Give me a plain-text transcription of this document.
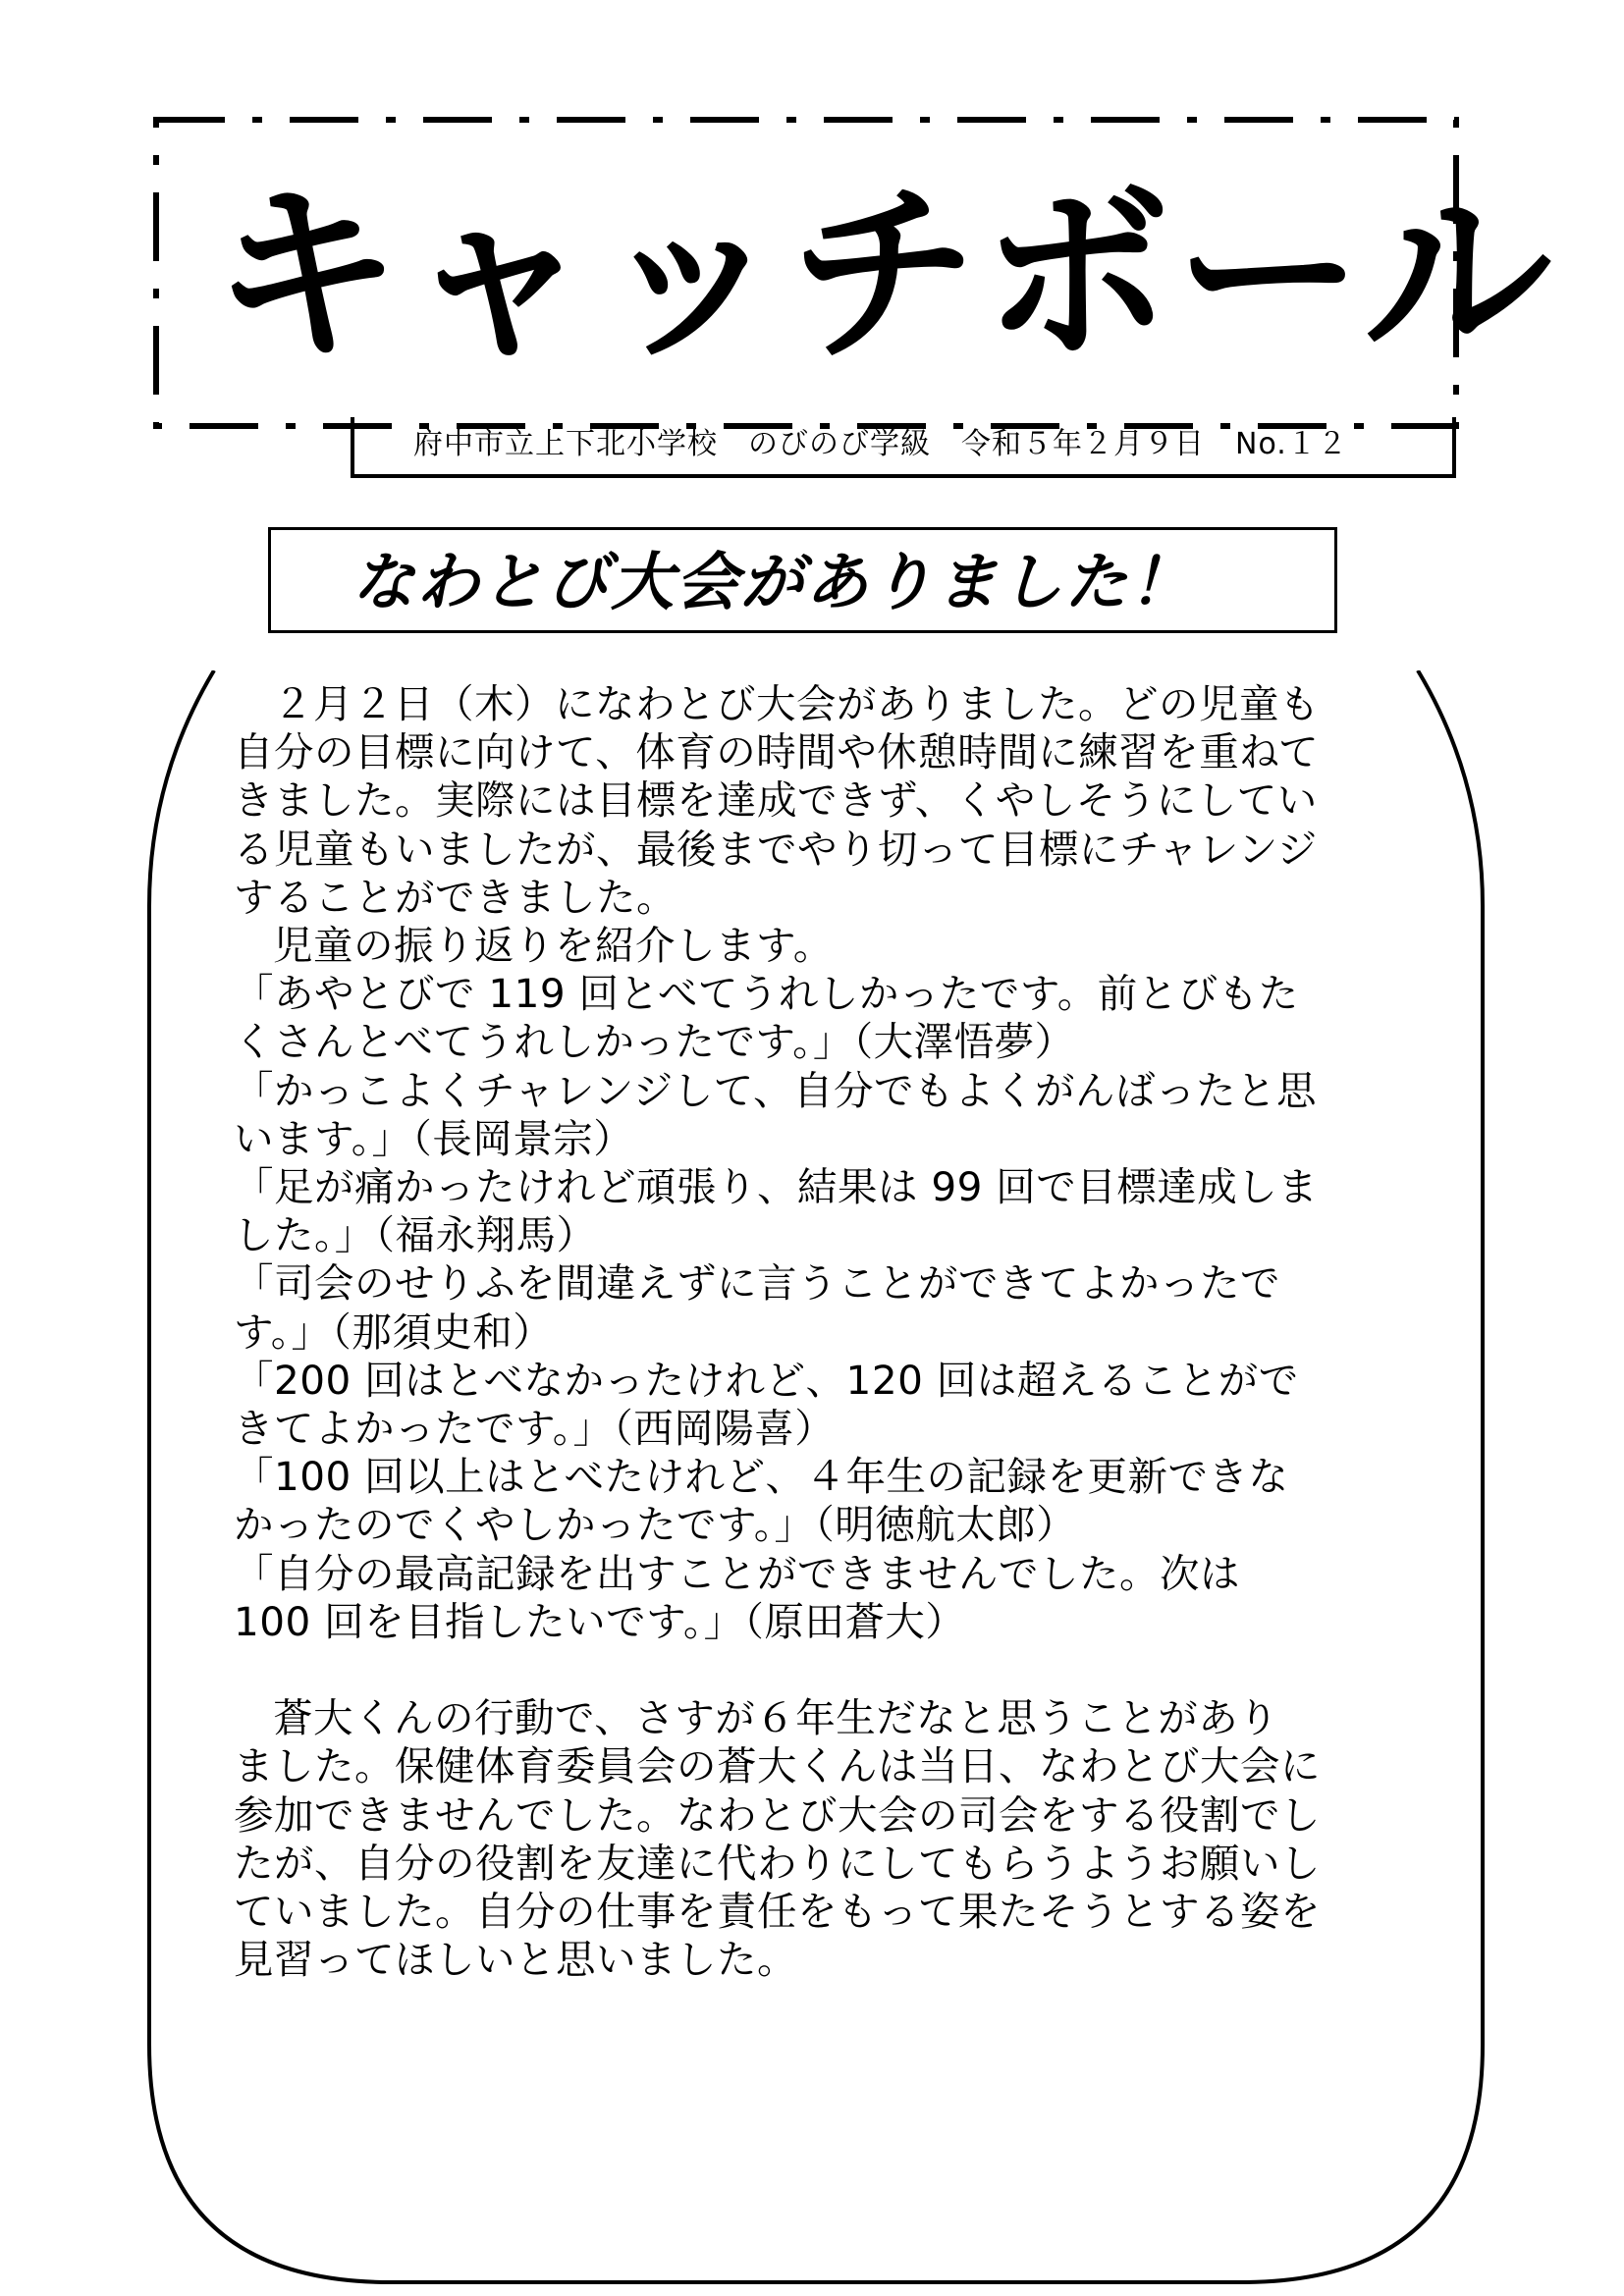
キャッチボール
府中市立上下北小学校　のびのび学級　令和５年２月９日　No.１２
なわとび大会がありました！

２月２日（木）になわとび大会がありました。どの児童も

自分の目標に向けて、体育の時間や休憩時間に練習を重ねて

きました。実際には目標を達成できず、くやしそうにしてい

る児童もいましたが、最後までやり切って目標にチャレンジ

することができました。

児童の振り返りを紹介します。

「あやとびで 119 回とべてうれしかったです。前とびもた

くさんとべてうれしかったです。」（大澤悟夢）

「かっこよくチャレンジして、自分でもよくがんばったと思

います。」（長岡景宗）

「足が痛かったけれど頑張り、結果は 99 回で目標達成しま

した。」（福永翔馬）

「司会のせりふを間違えずに言うことができてよかったで

す。」（那須史和）

「200 回はとべなかったけれど、120 回は超えることがで

きてよかったです。」（西岡陽喜）

「100 回以上はとべたけれど、４年生の記録を更新できな

かったのでくやしかったです。」（明徳航太郎）

「自分の最高記録を出すことができませんでした。次は

100 回を目指したいです。」（原田蒼大）

蒼大くんの行動で、さすが６年生だなと思うことがあり

ました。保健体育委員会の蒼大くんは当日、なわとび大会に

参加できませんでした。なわとび大会の司会をする役割でし

たが、自分の役割を友達に代わりにしてもらうようお願いし

ていました。自分の仕事を責任をもって果たそうとする姿を

見習ってほしいと思いました。
